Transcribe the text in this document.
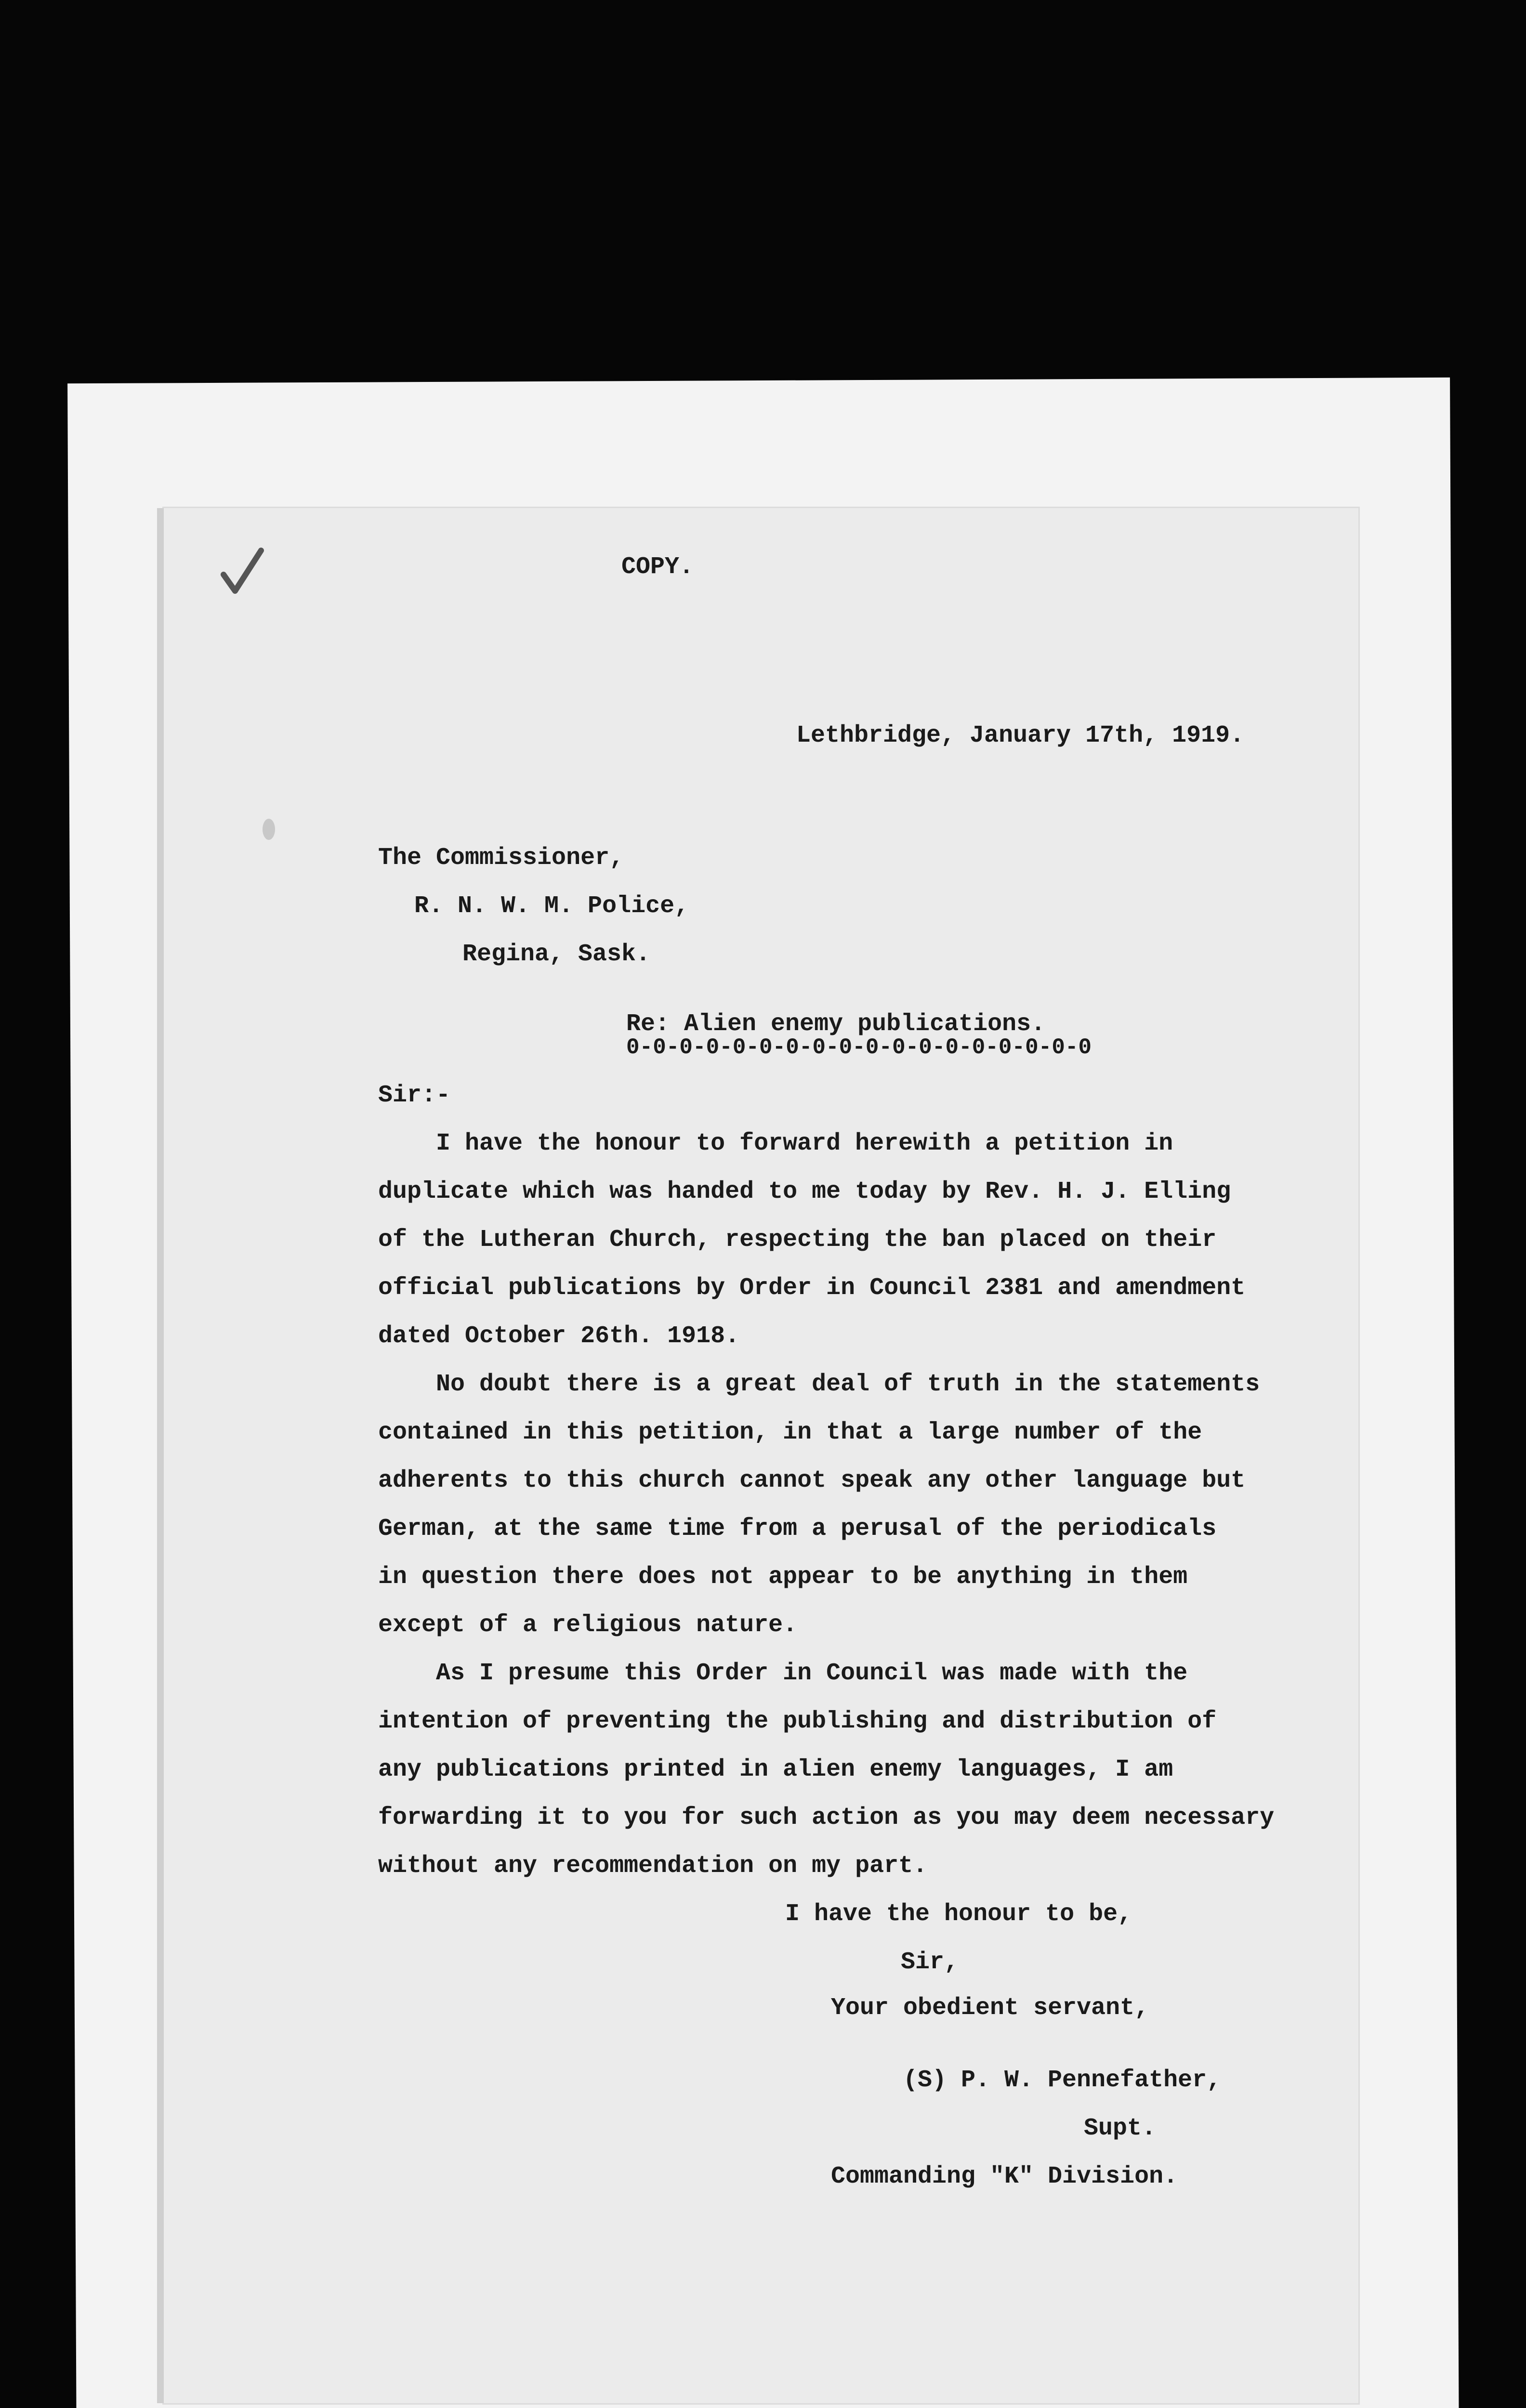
COPY.
Lethbridge, January 17th, 1919.
The Commissioner,
R. N. W. M. Police,
Regina, Sask.
Re: Alien enemy publications.
0-0-0-0-0-0-0-0-0-0-0-0-0-0-0-0-0-0
Sir:-
I have the honour to forward herewith a petition in
duplicate which was handed to me today by Rev. H. J. Elling
of the Lutheran Church, respecting the ban placed on their
official publications by Order in Council 2381 and amendment
dated October 26th. 1918.
No doubt there is a great deal of truth in the statements
contained in this petition, in that a large number of the
adherents to this church cannot speak any other language but
German, at the same time from a perusal of the periodicals
in question there does not appear to be anything in them
except of a religious nature.
As I presume this Order in Council was made with the
intention of preventing the publishing and distribution of
any publications printed in alien enemy languages, I am
forwarding it to you for such action as you may deem necessary
without any recommendation on my part.
I have the honour to be,
Sir,
Your obedient servant,
(S) P. W. Pennefather,
Supt.
Commanding "K" Division.
